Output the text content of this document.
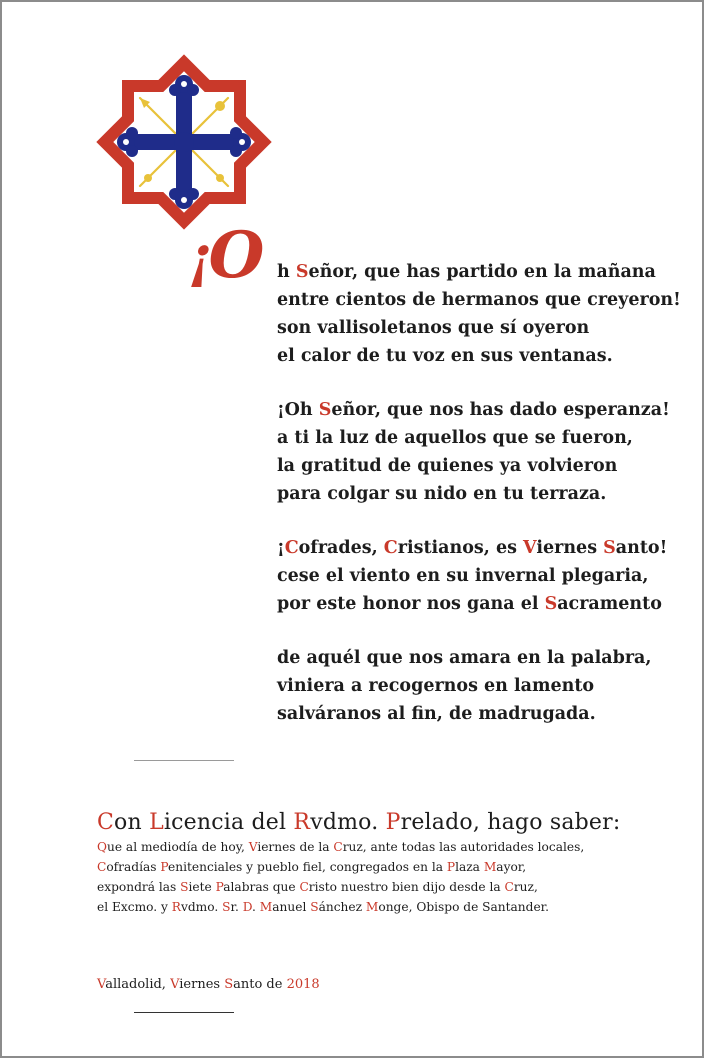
¡O h Señor, que has partido en la mañana
entre cientos de hermanos que creyeron!
son vallisoletanos que sí oyeron
el calor de tu voz en sus ventanas.
¡Oh Señor, que nos has dado esperanza!
a ti la luz de aquellos que se fueron,
la gratitud de quienes ya volvieron
para colgar su nido en tu terraza.
¡Cofrades, Cristianos, es Viernes Santo!
cese el viento en su invernal plegaria,
por este honor nos gana el Sacramento
de aquél que nos amara en la palabra,
viniera a recogernos en lamento
salváranos al fin, de madrugada.
Con Licencia del Rvdmo. Prelado, hago saber:
Que al mediodía de hoy, Viernes de la Cruz, ante todas las autoridades locales,
Cofradías Penitenciales y pueblo fiel, congregados en la Plaza Mayor,
expondrá las Siete Palabras que Cristo nuestro bien dijo desde la Cruz,
el Excmo. y Rvdmo. Sr. D. Manuel Sánchez Monge, Obispo de Santander.
Valladolid, Viernes Santo de 2018
